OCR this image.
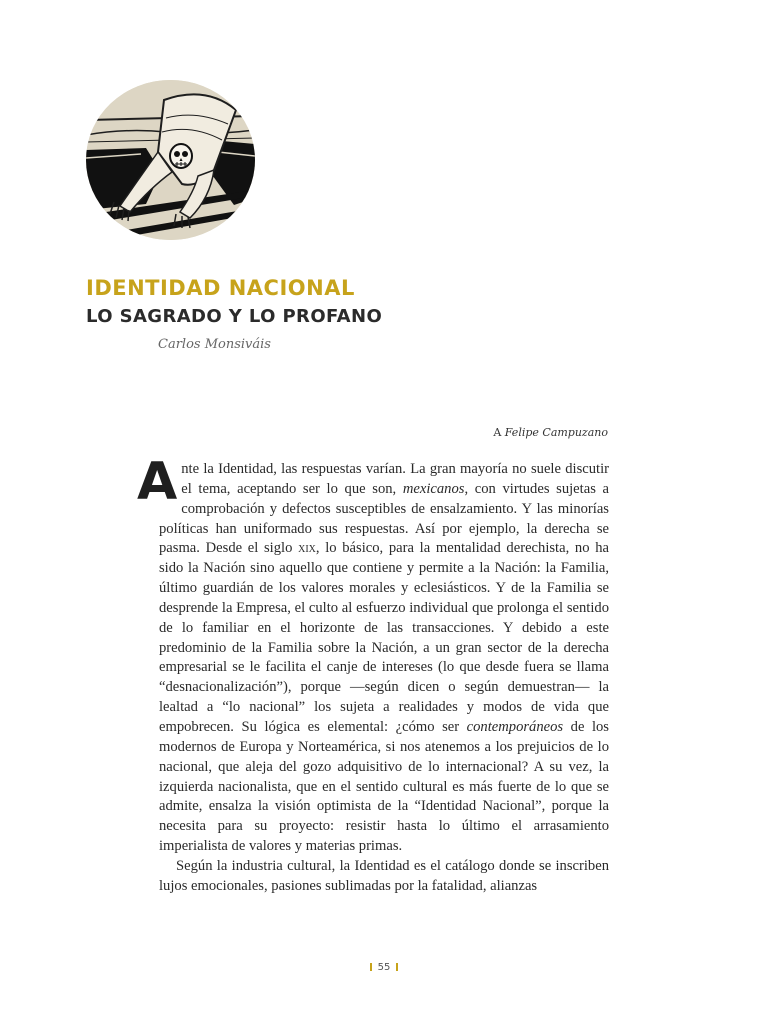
IDENTIDAD NACIONAL
LO SAGRADO Y LO PROFANO
Carlos Monsiváis
A Felipe Campuzano

Ante la Identidad, las respuestas varían. La gran mayoría no suele discutir el tema, aceptando ser lo que son, mexicanos, con virtudes sujetas a comprobación y defectos susceptibles de ensalzamiento. Y las minorías políticas han uniformado sus respuestas. Así por ejemplo, la derecha se pasma. Desde el siglo xix, lo básico, para la mentalidad derechista, no ha sido la Nación sino aquello que contiene y permite a la Nación: la Familia, último guardián de los valores morales y eclesiásticos. Y de la Familia se desprende la Empresa, el culto al esfuerzo individual que prolonga el sentido de lo familiar en el horizonte de las transacciones. Y debido a este predominio de la Familia sobre la Nación, a un gran sector de la derecha empresarial se le facilita el canje de intereses (lo que desde fuera se llama “desnacionalización”), porque —según dicen o según demuestran— la lealtad a “lo nacional” los sujeta a realidades y modos de vida que empobrecen. Su lógica es elemental: ¿cómo ser contemporáneos de los modernos de Europa y Norteamérica, si nos atenemos a los prejuicios de lo nacional, que aleja del gozo adquisitivo de lo internacional? A su vez, la izquierda nacionalista, que en el sentido cultural es más fuerte de lo que se admite, ensalza la visión optimista de la “Identidad Nacional”, porque la necesita para su proyecto: resistir hasta lo último el arrasamiento imperialista de valores y materias primas.

Según la industria cultural, la Identidad es el catálogo donde se inscriben lujos emocionales, pasiones sublimadas por la fatalidad, alianzas

55
